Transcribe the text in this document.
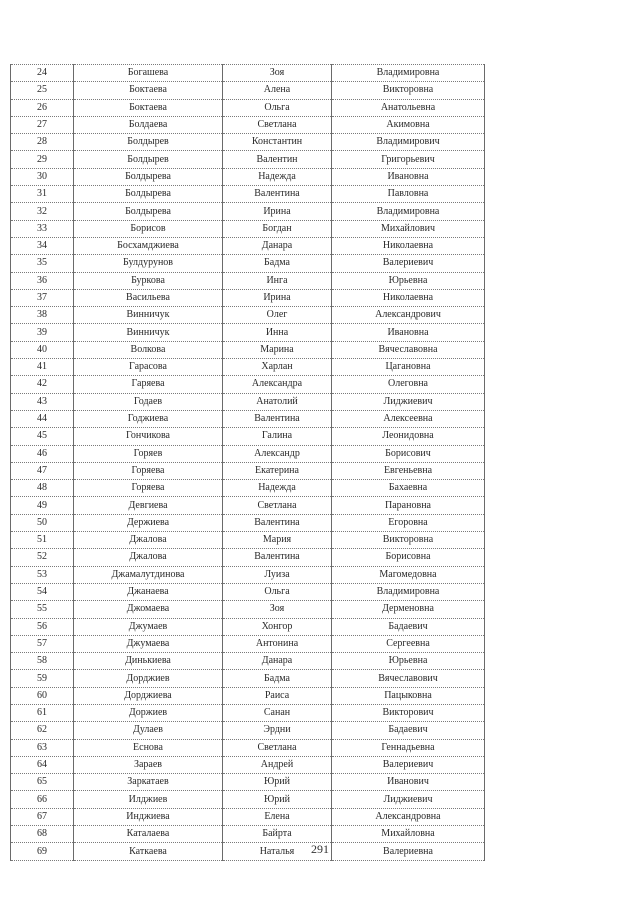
24	Богашева	Зоя	Владимировна
25	Боктаева	Алена	Викторовна
26	Боктаева	Ольга	Анатольевна
27	Болдаева	Светлана	Акимовна
28	Болдырев	Константин	Владимирович
29	Болдырев	Валентин	Григорьевич
30	Болдырева	Надежда	Ивановна
31	Болдырева	Валентина	Павловна
32	Болдырева	Ирина	Владимировна
33	Борисов	Богдан	Михайлович
34	Босхамджиева	Данара	Николаевна
35	Булдурунов	Бадма	Валериевич
36	Буркова	Инга	Юрьевна
37	Васильева	Ирина	Николаевна
38	Винничук	Олег	Александрович
39	Винничук	Инна	Ивановна
40	Волкова	Марина	Вячеславовна
41	Гарасова	Харлан	Цагановна
42	Гаряева	Александра	Олеговна
43	Годаев	Анатолий	Лиджиевич
44	Годжиева	Валентина	Алексеевна
45	Гончикова	Галина	Леонидовна
46	Горяев	Александр	Борисович
47	Горяева	Екатерина	Евгеньевна
48	Горяева	Надежда	Бахаевна
49	Девгиева	Светлана	Парановна
50	Держиева	Валентина	Егоровна
51	Джалова	Мария	Викторовна
52	Джалова	Валентина	Борисовна
53	Джамалутдинова	Луиза	Магомедовна
54	Джанаева	Ольга	Владимировна
55	Джомаева	Зоя	Дерменовна
56	Джумаев	Хонгор	Бадаевич
57	Джумаева	Антонина	Сергеевна
58	Динькиева	Данара	Юрьевна
59	Дорджиев	Бадма	Вячеславович
60	Дорджиева	Раиса	Пацыковна
61	Доржиев	Санан	Викторович
62	Дулаев	Эрдни	Бадаевич
63	Еснова	Светлана	Геннадьевна
64	Зараев	Андрей	Валериевич
65	Заркатаев	Юрий	Иванович
66	Илджиев	Юрий	Лиджиевич
67	Инджиева	Елена	Александровна
68	Каталаева	Байрта	Михайловна
69	Каткаева	Наталья	Валериевна
291
